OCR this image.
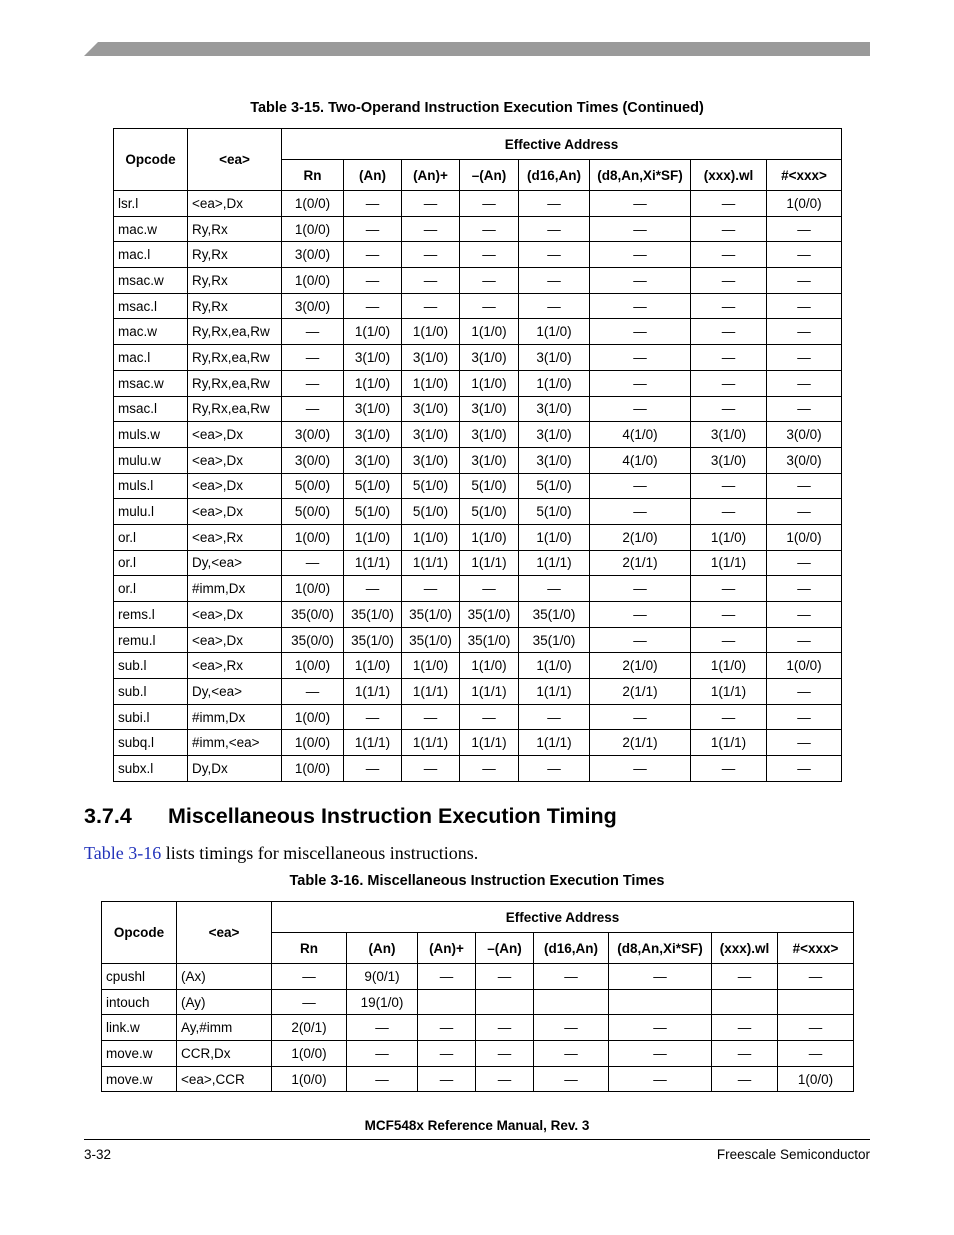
Table 3-15. Two-Operand Instruction Execution Times (Continued)
Opcode	<ea>	Effective Address							
		Rn	(An)	(An)+	–(An)	(d16,An)	(d8,An,Xi*SF)	(xxx).wl	#<xxx>
lsr.l	<ea>,Dx	1(0/0)	—	—	—	—	—	—	1(0/0)
mac.w	Ry,Rx	1(0/0)	—	—	—	—	—	—	—
mac.l	Ry,Rx	3(0/0)	—	—	—	—	—	—	—
msac.w	Ry,Rx	1(0/0)	—	—	—	—	—	—	—
msac.l	Ry,Rx	3(0/0)	—	—	—	—	—	—	—
mac.w	Ry,Rx,ea,Rw	—	1(1/0)	1(1/0)	1(1/0)	1(1/0)	—	—	—
mac.l	Ry,Rx,ea,Rw	—	3(1/0)	3(1/0)	3(1/0)	3(1/0)	—	—	—
msac.w	Ry,Rx,ea,Rw	—	1(1/0)	1(1/0)	1(1/0)	1(1/0)	—	—	—
msac.l	Ry,Rx,ea,Rw	—	3(1/0)	3(1/0)	3(1/0)	3(1/0)	—	—	—
muls.w	<ea>,Dx	3(0/0)	3(1/0)	3(1/0)	3(1/0)	3(1/0)	4(1/0)	3(1/0)	3(0/0)
mulu.w	<ea>,Dx	3(0/0)	3(1/0)	3(1/0)	3(1/0)	3(1/0)	4(1/0)	3(1/0)	3(0/0)
muls.l	<ea>,Dx	5(0/0)	5(1/0)	5(1/0)	5(1/0)	5(1/0)	—	—	—
mulu.l	<ea>,Dx	5(0/0)	5(1/0)	5(1/0)	5(1/0)	5(1/0)	—	—	—
or.l	<ea>,Rx	1(0/0)	1(1/0)	1(1/0)	1(1/0)	1(1/0)	2(1/0)	1(1/0)	1(0/0)
or.l	Dy,<ea>	—	1(1/1)	1(1/1)	1(1/1)	1(1/1)	2(1/1)	1(1/1)	—
or.l	#imm,Dx	1(0/0)	—	—	—	—	—	—	—
rems.l	<ea>,Dx	35(0/0)	35(1/0)	35(1/0)	35(1/0)	35(1/0)	—	—	—
remu.l	<ea>,Dx	35(0/0)	35(1/0)	35(1/0)	35(1/0)	35(1/0)	—	—	—
sub.l	<ea>,Rx	1(0/0)	1(1/0)	1(1/0)	1(1/0)	1(1/0)	2(1/0)	1(1/0)	1(0/0)
sub.l	Dy,<ea>	—	1(1/1)	1(1/1)	1(1/1)	1(1/1)	2(1/1)	1(1/1)	—
subi.l	#imm,Dx	1(0/0)	—	—	—	—	—	—	—
subq.l	#imm,<ea>	1(0/0)	1(1/1)	1(1/1)	1(1/1)	1(1/1)	2(1/1)	1(1/1)	—
subx.l	Dy,Dx	1(0/0)	—	—	—	—	—	—	—
3.7.4 Miscellaneous Instruction Execution Timing
Table 3-16 lists timings for miscellaneous instructions.
Table 3-16. Miscellaneous Instruction Execution Times
Opcode	<ea>	Effective Address							
		Rn	(An)	(An)+	–(An)	(d16,An)	(d8,An,Xi*SF)	(xxx).wl	#<xxx>
cpushl	(Ax)	—	9(0/1)	—	—	—	—	—	—
intouch	(Ay)	—	19(1/0)						
link.w	Ay,#imm	2(0/1)	—	—	—	—	—	—	—
move.w	CCR,Dx	1(0/0)	—	—	—	—	—	—	—
move.w	<ea>,CCR	1(0/0)	—	—	—	—	—	—	1(0/0)
MCF548x Reference Manual, Rev. 3
3-32	Freescale Semiconductor
